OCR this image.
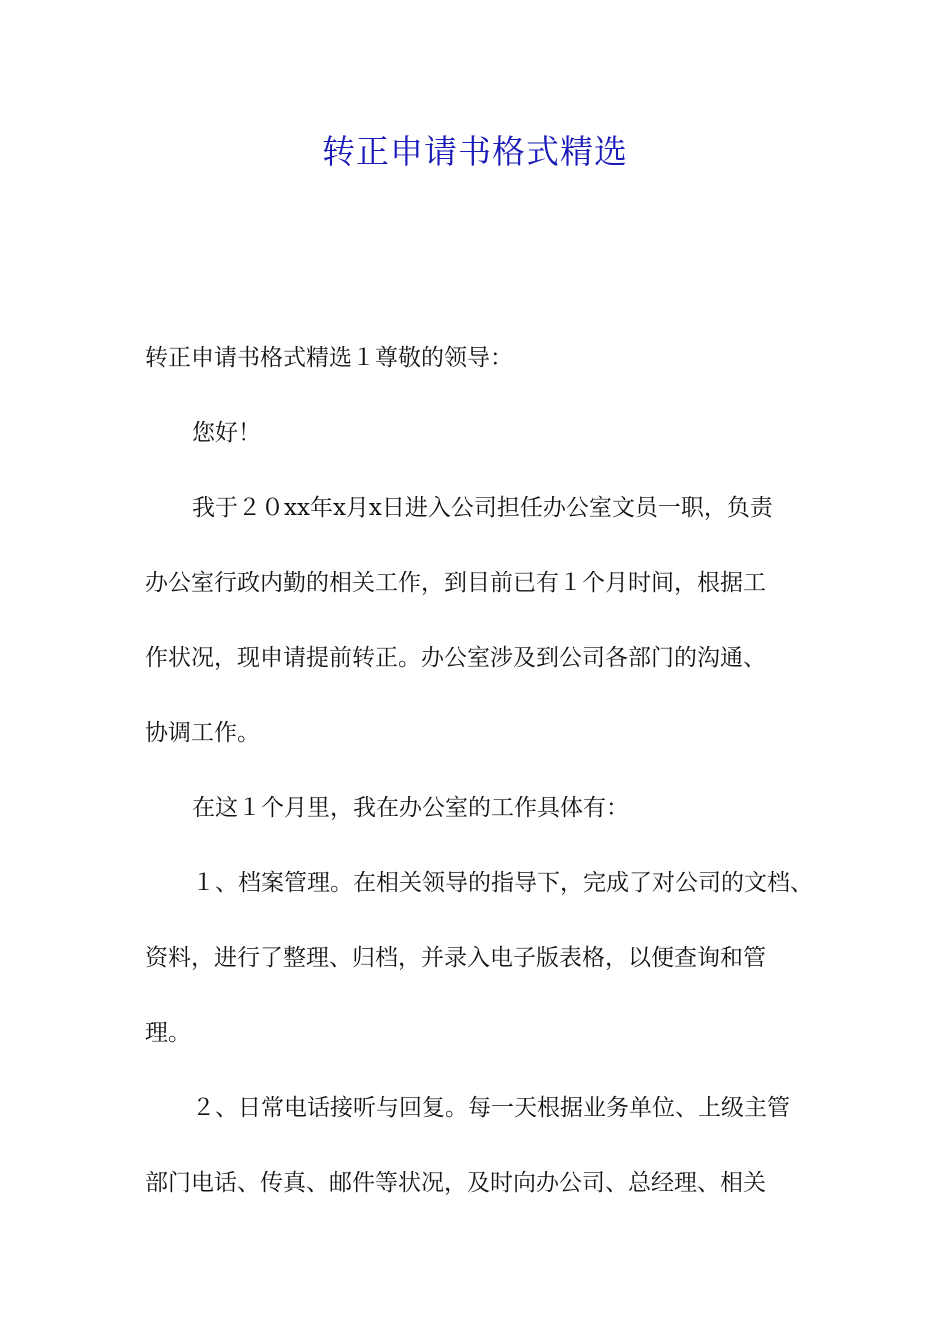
转正申请书格式精选
转正申请书格式精选１尊敬的领导：
您好！
我于２０xx年x月x日进入公司担任办公室文员一职，负责
办公室行政内勤的相关工作，到目前已有１个月时间，根据工
作状况，现申请提前转正。办公室涉及到公司各部门的沟通、
协调工作。
在这１个月里，我在办公室的工作具体有：
１、档案管理。在相关领导的指导下，完成了对公司的文档、
资料，进行了整理、归档，并录入电子版表格，以便查询和管
理。
２、日常电话接听与回复。每一天根据业务单位、上级主管
部门电话、传真、邮件等状况，及时向办公司、总经理、相关
